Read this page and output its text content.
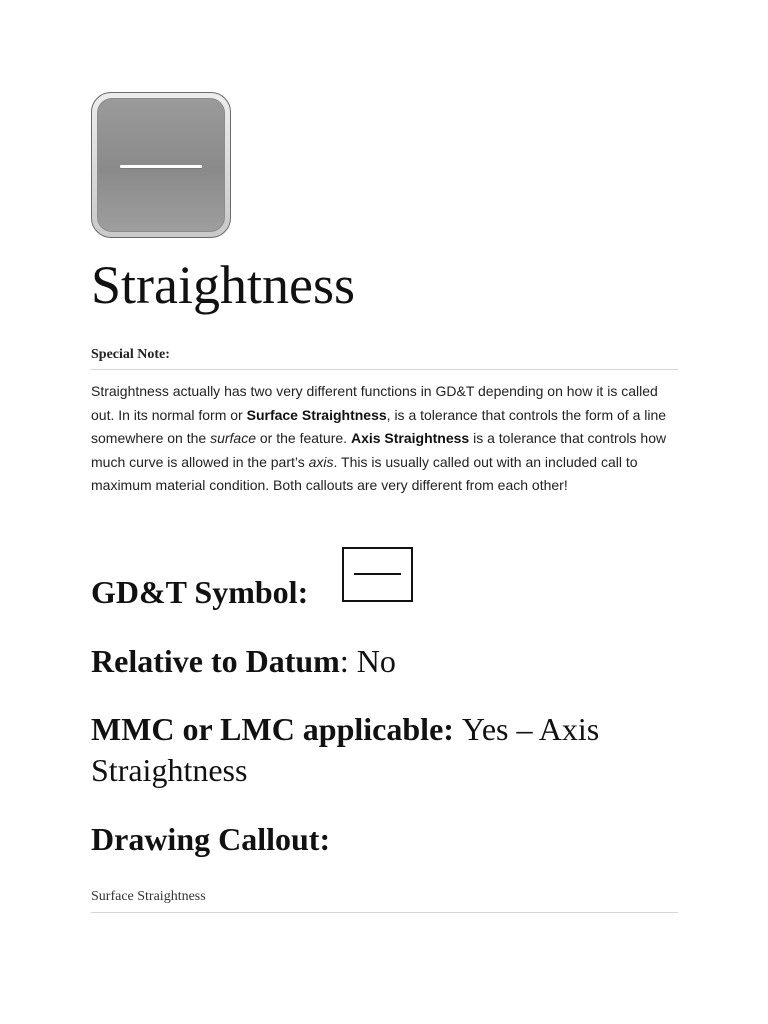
Straightness
Special Note:

Straightness actually has two very different functions in GD&T depending on how it is called out. In its normal form or Surface Straightness, is a tolerance that controls the form of a line somewhere on the surface or the feature. Axis Straightness is a tolerance that controls how much curve is allowed in the part’s axis. This is usually called out with an included call to maximum material condition. Both callouts are very different from each other!

GD&T Symbol:
Relative to Datum: No
MMC or LMC applicable: Yes – Axis Straightness
Drawing Callout:
Surface Straightness
